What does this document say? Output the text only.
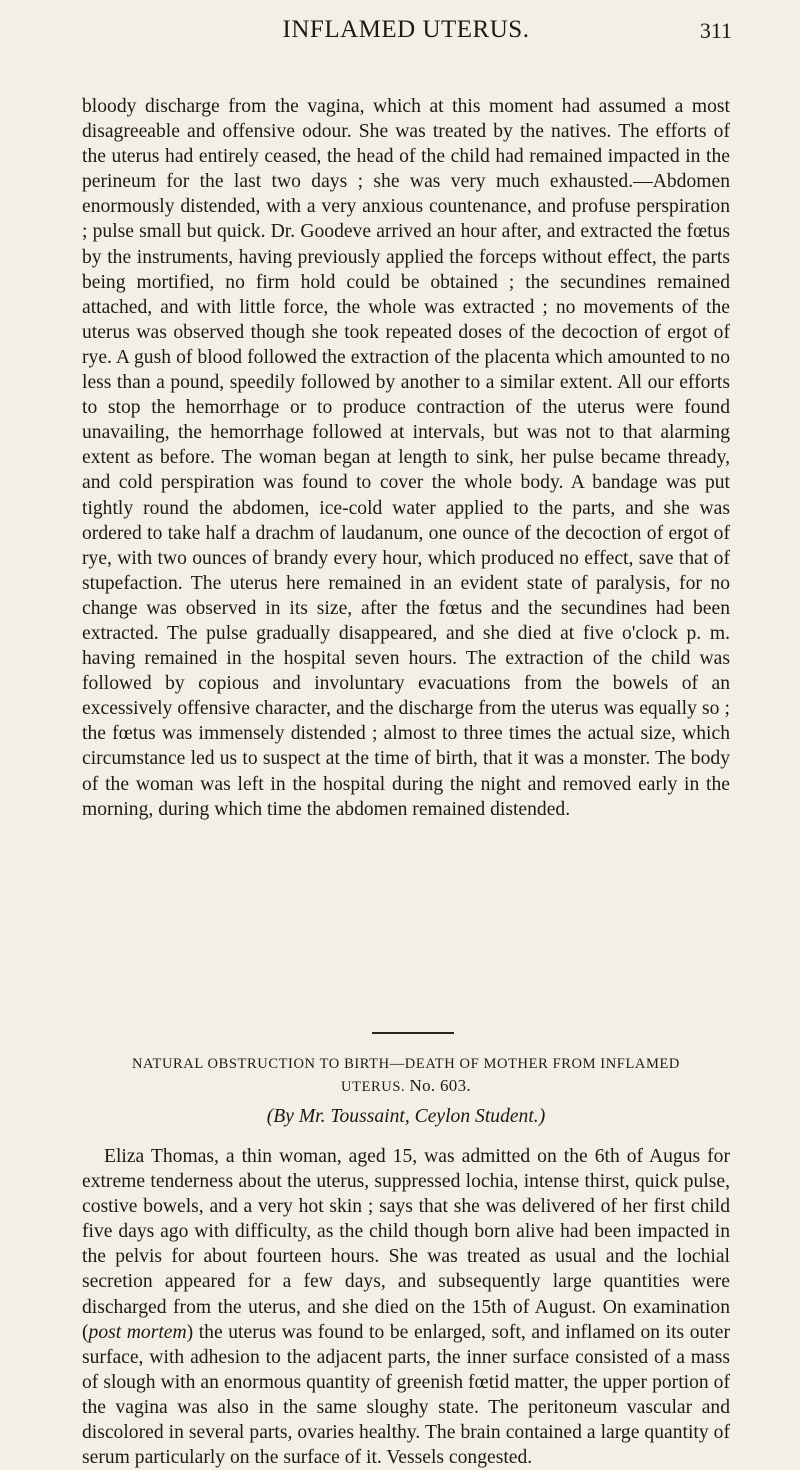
INFLAMED UTERUS.	311

bloody discharge from the vagina, which at this moment had assumed a most disagreeable and offensive odour. She was treated by the natives. The efforts of the uterus had entirely ceased, the head of the child had remained impacted in the perineum for the last two days ; she was very much exhausted.—Abdomen enormously distended, with a very anxious countenance, and profuse perspiration ; pulse small but quick. Dr. Goodeve arrived an hour after, and extracted the fœtus by the instruments, having previously applied the forceps without effect, the parts being mortified, no firm hold could be obtained ; the secundines remained attached, and with little force, the whole was extracted ; no movements of the uterus was observed though she took repeated doses of the decoction of ergot of rye. A gush of blood followed the extraction of the placenta which amounted to no less than a pound, speedily followed by another to a similar extent. All our efforts to stop the hemorrhage or to produce contraction of the uterus were found unavailing, the hemorrhage followed at intervals, but was not to that alarming extent as before. The woman began at length to sink, her pulse became thready, and cold perspiration was found to cover the whole body. A bandage was put tightly round the abdomen, ice-cold water applied to the parts, and she was ordered to take half a drachm of laudanum, one ounce of the decoction of ergot of rye, with two ounces of brandy every hour, which produced no effect, save that of stupefaction. The uterus here remained in an evident state of paralysis, for no change was observed in its size, after the fœtus and the secundines had been extracted. The pulse gradually disappeared, and she died at five o'clock p. m. having remained in the hospital seven hours. The extraction of the child was followed by copious and involuntary evacuations from the bowels of an excessively offensive character, and the discharge from the uterus was equally so ; the fœtus was immensely distended ; almost to three times the actual size, which circumstance led us to suspect at the time of birth, that it was a monster. The body of the woman was left in the hospital during the night and removed early in the morning, during which time the abdomen remained distended.

NATURAL OBSTRUCTION TO BIRTH—DEATH OF MOTHER FROM INFLAMED
UTERUS. No. 603.
(By Mr. Toussaint, Ceylon Student.)

Eliza Thomas, a thin woman, aged 15, was admitted on the 6th of Augus for extreme tenderness about the uterus, suppressed lochia, intense thirst, quick pulse, costive bowels, and a very hot skin ; says that she was delivered of her first child five days ago with difficulty, as the child though born alive had been impacted in the pelvis for about fourteen hours. She was treated as usual and the lochial secretion appeared for a few days, and subsequently large quantities were discharged from the uterus, and she died on the 15th of August. On examination (post mortem) the uterus was found to be enlarged, soft, and inflamed on its outer surface, with adhesion to the adjacent parts, the inner surface consisted of a mass of slough with an enormous quantity of greenish fœtid matter, the upper portion of the vagina was also in the same sloughy state. The peritoneum vascular and discolored in several parts, ovaries healthy. The brain contained a large quantity of serum particularly on the surface of it. Vessels congested.
